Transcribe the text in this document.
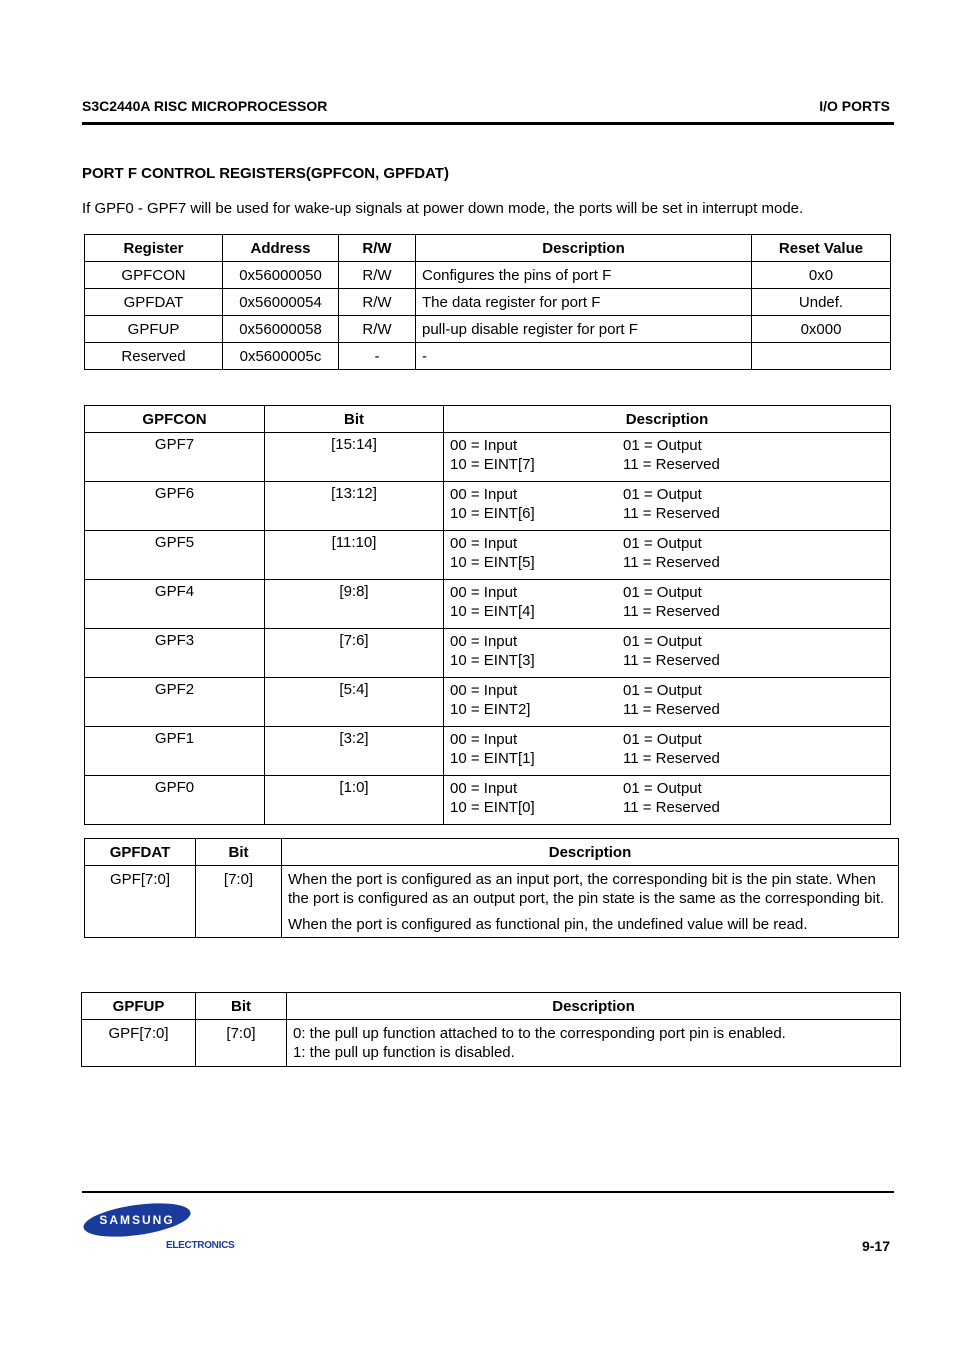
S3C2440A RISC MICROPROCESSOR	I/O PORTS
PORT F CONTROL REGISTERS(GPFCON, GPFDAT)
If GPF0 - GPF7 will be used for wake-up signals at power down mode, the ports will be set in interrupt mode.
Register	Address	R/W	Description	Reset Value
GPFCON	0x56000050	R/W	Configures the pins of port F	0x0
GPFDAT	0x56000054	R/W	The data register for port F	Undef.
GPFUP	0x56000058	R/W	pull-up disable register for port F	0x000
Reserved	0x5600005c	-	-	
GPFCON	Bit	Description
GPF7	[15:14]	00 = Input 01 = Output
10 = EINT[7] 11 = Reserved

GPF6	[13:12]	00 = Input 01 = Output
10 = EINT[6] 11 = Reserved

GPF5	[11:10]	00 = Input 01 = Output
10 = EINT[5] 11 = Reserved

GPF4	[9:8]	00 = Input 01 = Output
10 = EINT[4] 11 = Reserved

GPF3	[7:6]	00 = Input 01 = Output
10 = EINT[3] 11 = Reserved

GPF2	[5:4]	00 = Input 01 = Output
10 = EINT2] 11 = Reserved

GPF1	[3:2]	00 = Input 01 = Output
10 = EINT[1] 11 = Reserved

GPF0	[1:0]	00 = Input 01 = Output
10 = EINT[0] 11 = Reserved
GPFDAT	Bit	Description
GPF[7:0]	[7:0]	When the port is configured as an input port, the corresponding bit is the pin state. When the port is configured as an output port, the pin state is the same as the corresponding bit.
When the port is configured as functional pin, the undefined value will be read.
GPFUP	Bit	Description
GPF[7:0]	[7:0]	0: the pull up function attached to to the corresponding port pin is enabled.
1: the pull up function is disabled.
SAMSUNG
ELECTRONICS	9-17
